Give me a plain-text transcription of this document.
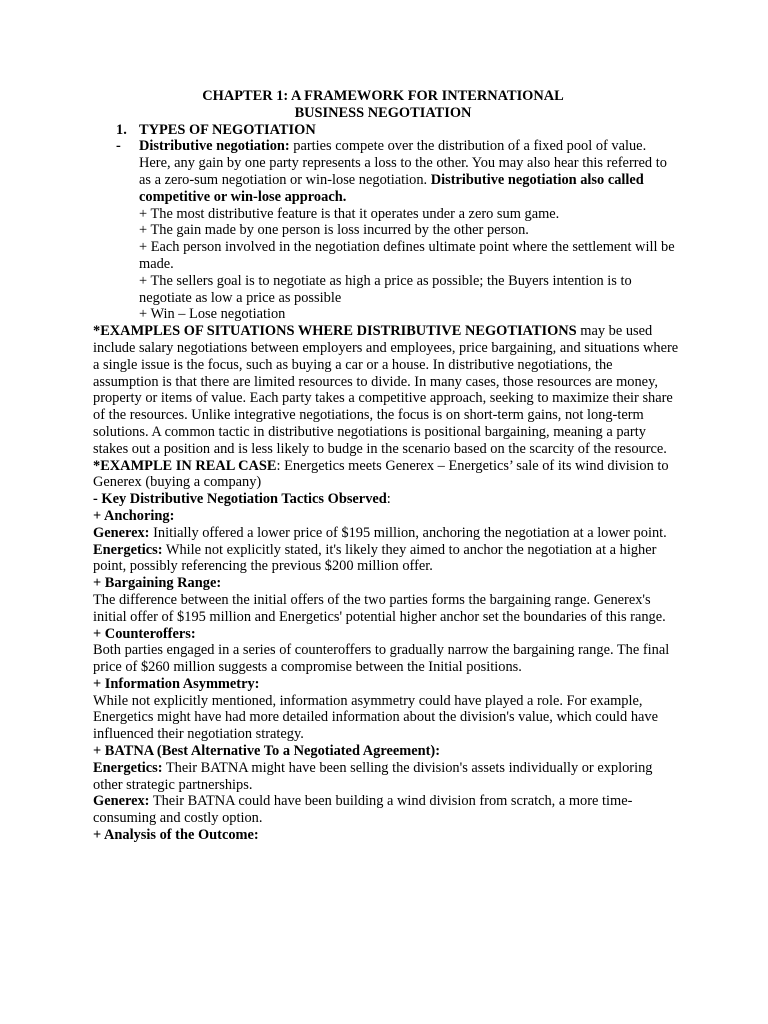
CHAPTER 1: A FRAMEWORK FOR INTERNATIONAL
BUSINESS NEGOTIATION
1. TYPES OF NEGOTIATION
-	Distributive negotiation: parties compete over the distribution of a fixed pool of value. Here, any gain by one party represents a loss to the other. You may also hear this referred to as a zero-sum negotiation or win-lose negotiation. Distributive negotiation also called competitive or win-lose approach.

+ The most distributive feature is that it operates under a zero sum game.

+ The gain made by one person is loss incurred by the other person.

+ Each person involved in the negotiation defines ultimate point where the settlement will be made.

+ The sellers goal is to negotiate as high a price as possible; the Buyers intention is to negotiate as low a price as possible

+ Win – Lose negotiation

*EXAMPLES OF SITUATIONS WHERE DISTRIBUTIVE NEGOTIATIONS may be used include salary negotiations between employers and employees, price bargaining, and situations where a single issue is the focus, such as buying a car or a house. In distributive negotiations, the assumption is that there are limited resources to divide. In many cases, those resources are money, property or items of value. Each party takes a competitive approach, seeking to maximize their share of the resources. Unlike integrative negotiations, the focus is on short-term gains, not long-term solutions. A common tactic in distributive negotiations is positional bargaining, meaning a party stakes out a position and is less likely to budge in the scenario based on the scarcity of the resource.

*EXAMPLE IN REAL CASE: Energetics meets Generex – Energetics’ sale of its wind division to Generex (buying a company)

- Key Distributive Negotiation Tactics Observed:

+ Anchoring:

Generex: Initially offered a lower price of $195 million, anchoring the negotiation at a lower point.

Energetics: While not explicitly stated, it's likely they aimed to anchor the negotiation at a higher point, possibly referencing the previous $200 million offer.

+ Bargaining Range:

The difference between the initial offers of the two parties forms the bargaining range. Generex's initial offer of $195 million and Energetics' potential higher anchor set the boundaries of this range.

+ Counteroffers:

Both parties engaged in a series of counteroffers to gradually narrow the bargaining range. The final price of $260 million suggests a compromise between the Initial positions.

+ Information Asymmetry:

While not explicitly mentioned, information asymmetry could have played a role. For example, Energetics might have had more detailed information about the division's value, which could have influenced their negotiation strategy.

+ BATNA (Best Alternative To a Negotiated Agreement):

Energetics: Their BATNA might have been selling the division's assets individually or exploring other strategic partnerships.

Generex: Their BATNA could have been building a wind division from scratch, a more time-consuming and costly option.

+ Analysis of the Outcome:
